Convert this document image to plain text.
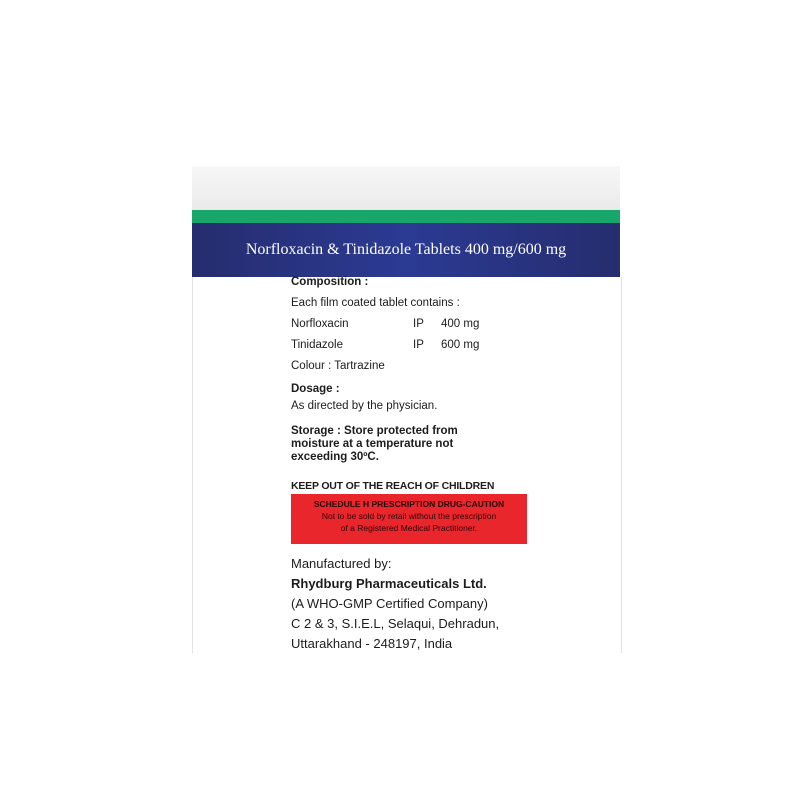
Norfloxacin & Tinidazole Tablets 400 mg/600 mg
Composition :
Each film coated tablet contains :
Norfloxacin	IP	400 mg
Tinidazole	IP	600 mg
Colour : Tartrazine
Dosage :
As directed by the physician.
Storage : Store protected from moisture at a temperature not exceeding 30ºC.
KEEP OUT OF THE REACH OF CHILDREN
SCHEDULE H PRESCRIPTION DRUG-CAUTION
Not to be sold by retail without the prescription
of a Registered Medical Practitioner.
Manufactured by:
Rhydburg Pharmaceuticals Ltd.
(A WHO-GMP Certified Company)
C 2 & 3, S.I.E.L, Selaqui, Dehradun,
Uttarakhand - 248197, India
